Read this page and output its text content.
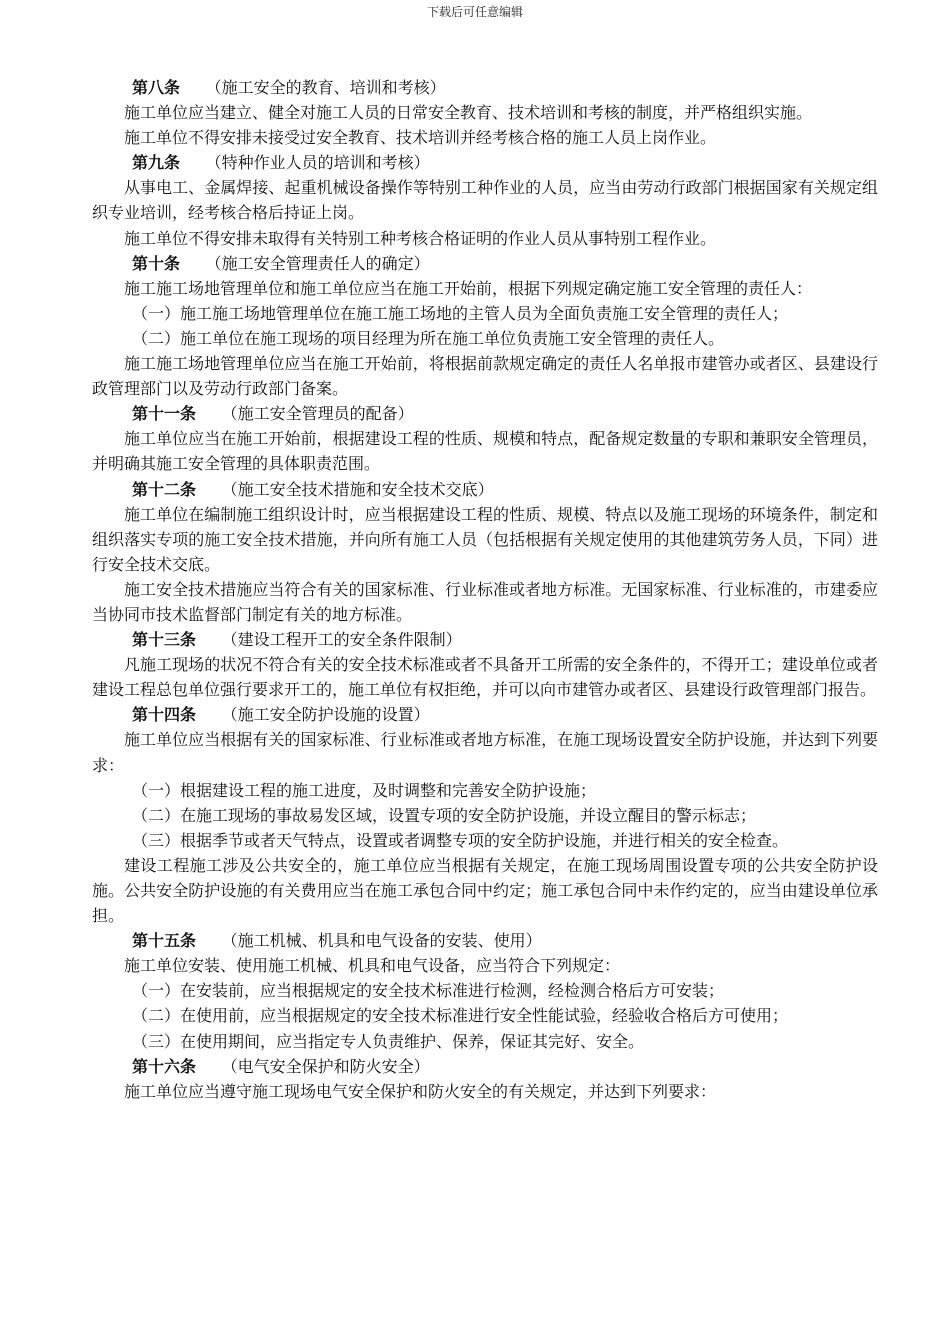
下载后可任意编辑

第八条 （施工安全的教育、培训和考核）

施工单位应当建立、健全对施工人员的日常安全教育、技术培训和考核的制度，并严格组织实施。

施工单位不得安排未接受过安全教育、技术培训并经考核合格的施工人员上岗作业。

第九条 （特种作业人员的培训和考核）

从事电工、金属焊接、起重机械设备操作等特别工种作业的人员，应当由劳动行政部门根据国家有关规定组织专业培训，经考核合格后持证上岗。

施工单位不得安排未取得有关特别工种考核合格证明的作业人员从事特别工程作业。

第十条 （施工安全管理责任人的确定）

施工施工场地管理单位和施工单位应当在施工开始前，根据下列规定确定施工安全管理的责任人：

（一）施工施工场地管理单位在施工施工场地的主管人员为全面负责施工安全管理的责任人；

（二）施工单位在施工现场的项目经理为所在施工单位负责施工安全管理的责任人。

施工施工场地管理单位应当在施工开始前，将根据前款规定确定的责任人名单报市建管办或者区、县建设行政管理部门以及劳动行政部门备案。

第十一条 （施工安全管理员的配备）

施工单位应当在施工开始前，根据建设工程的性质、规模和特点，配备规定数量的专职和兼职安全管理员，并明确其施工安全管理的具体职责范围。

第十二条 （施工安全技术措施和安全技术交底）

施工单位在编制施工组织设计时，应当根据建设工程的性质、规模、特点以及施工现场的环境条件，制定和组织落实专项的施工安全技术措施，并向所有施工人员（包括根据有关规定使用的其他建筑劳务人员，下同）进行安全技术交底。

施工安全技术措施应当符合有关的国家标准、行业标准或者地方标准。无国家标准、行业标准的，市建委应当协同市技术监督部门制定有关的地方标准。

第十三条 （建设工程开工的安全条件限制）

凡施工现场的状况不符合有关的安全技术标准或者不具备开工所需的安全条件的，不得开工；建设单位或者建设工程总包单位强行要求开工的，施工单位有权拒绝，并可以向市建管办或者区、县建设行政管理部门报告。

第十四条 （施工安全防护设施的设置）

施工单位应当根据有关的国家标准、行业标准或者地方标准，在施工现场设置安全防护设施，并达到下列要求：

（一）根据建设工程的施工进度，及时调整和完善安全防护设施；

（二）在施工现场的事故易发区域，设置专项的安全防护设施，并设立醒目的警示标志；

（三）根据季节或者天气特点，设置或者调整专项的安全防护设施，并进行相关的安全检查。

建设工程施工涉及公共安全的，施工单位应当根据有关规定，在施工现场周围设置专项的公共安全防护设施。公共安全防护设施的有关费用应当在施工承包合同中约定；施工承包合同中未作约定的，应当由建设单位承担。

第十五条 （施工机械、机具和电气设备的安装、使用）

施工单位安装、使用施工机械、机具和电气设备，应当符合下列规定：

（一）在安装前，应当根据规定的安全技术标准进行检测，经检测合格后方可安装；

（二）在使用前，应当根据规定的安全技术标准进行安全性能试验，经验收合格后方可使用；

（三）在使用期间，应当指定专人负责维护、保养，保证其完好、安全。

第十六条 （电气安全保护和防火安全）

施工单位应当遵守施工现场电气安全保护和防火安全的有关规定，并达到下列要求：
